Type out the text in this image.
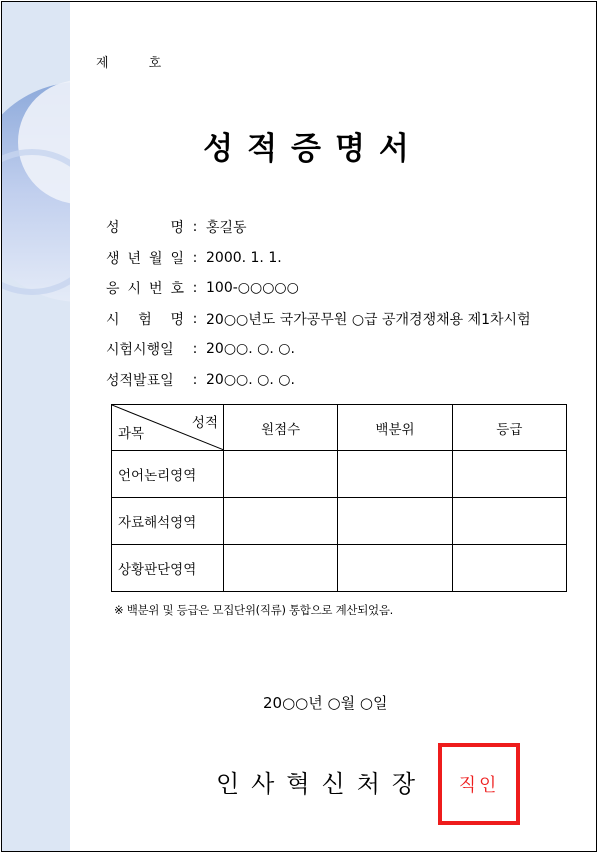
제	호
성적증명서
성	명 : 홍길동
생 년 월 일 : 2000. 1. 1.
응 시 번 호 : 100-○○○○○
시 험 명 : 20○○년도 국가공무원 ○급 공개경쟁채용 제1차시험
시험시행일	: 20○○. ○. ○.
성적발표일	: 20○○. ○. ○.
성적
과목	원점수	백분위	등급
언어논리영역			
자료해석영역			
상황판단영역			
※ 백분위 및 등급은 모집단위(직류) 통합으로 계산되었음.
20○○년 ○월 ○일
인사혁신처장 직인
